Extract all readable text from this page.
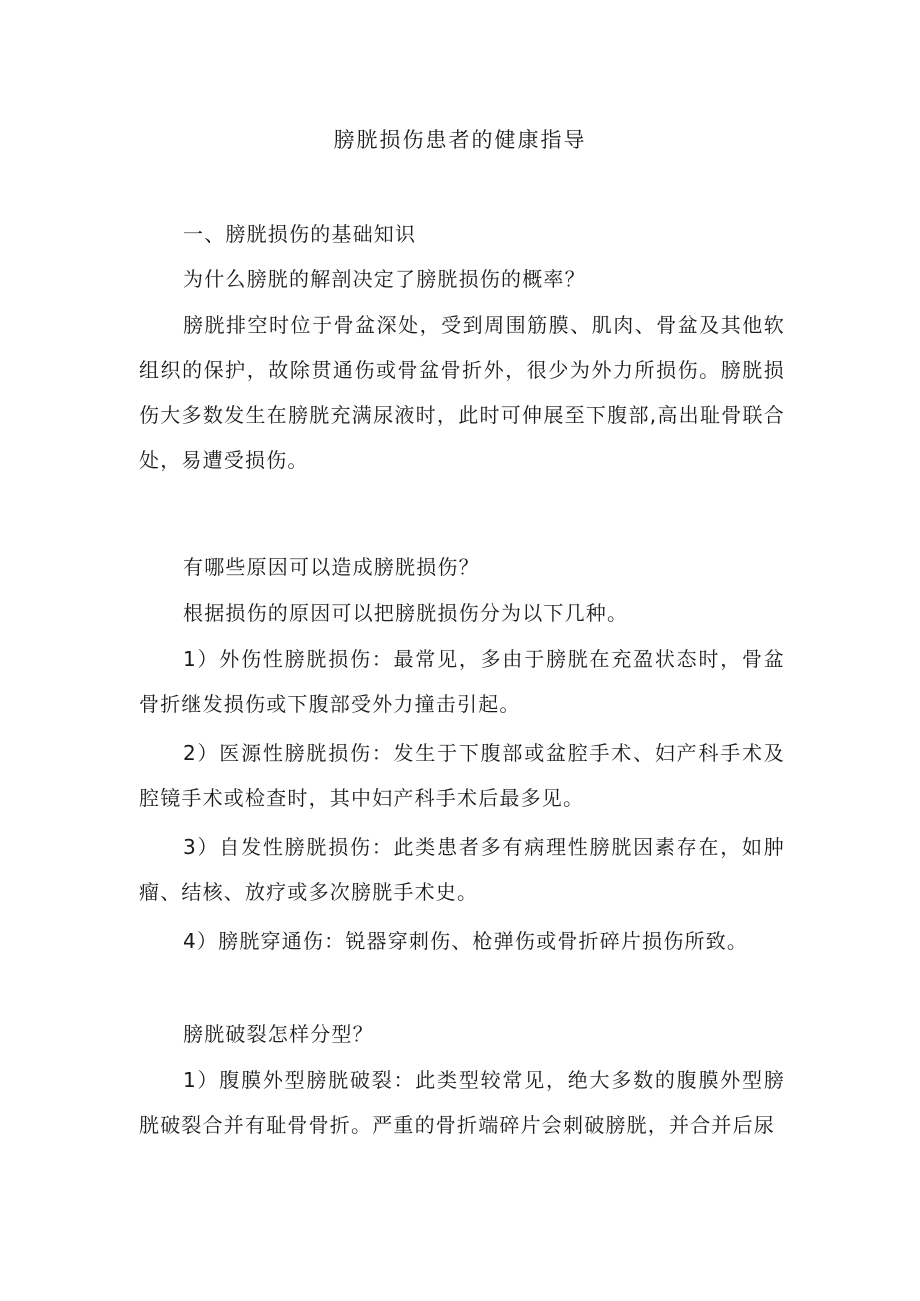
膀胱损伤患者的健康指导

一、膀胱损伤的基础知识

为什么膀胱的解剖决定了膀胱损伤的概率？

膀胱排空时位于骨盆深处，受到周围筋膜、肌肉、骨盆及其他软组织的保护，故除贯通伤或骨盆骨折外，很少为外力所损伤。膀胱损伤大多数发生在膀胱充满尿液时，此时可伸展至下腹部,高出耻骨联合处，易遭受损伤。

有哪些原因可以造成膀胱损伤？

根据损伤的原因可以把膀胱损伤分为以下几种。

1）外伤性膀胱损伤：最常见，多由于膀胱在充盈状态时，骨盆骨折继发损伤或下腹部受外力撞击引起。

2）医源性膀胱损伤：发生于下腹部或盆腔手术、妇产科手术及腔镜手术或检查时，其中妇产科手术后最多见。

3）自发性膀胱损伤：此类患者多有病理性膀胱因素存在，如肿瘤、结核、放疗或多次膀胱手术史。

4）膀胱穿通伤：锐器穿刺伤、枪弹伤或骨折碎片损伤所致。

膀胱破裂怎样分型？

1）腹膜外型膀胱破裂：此类型较常见，绝大多数的腹膜外型膀胱破裂合并有耻骨骨折。严重的骨折端碎片会刺破膀胱，并合并后尿
